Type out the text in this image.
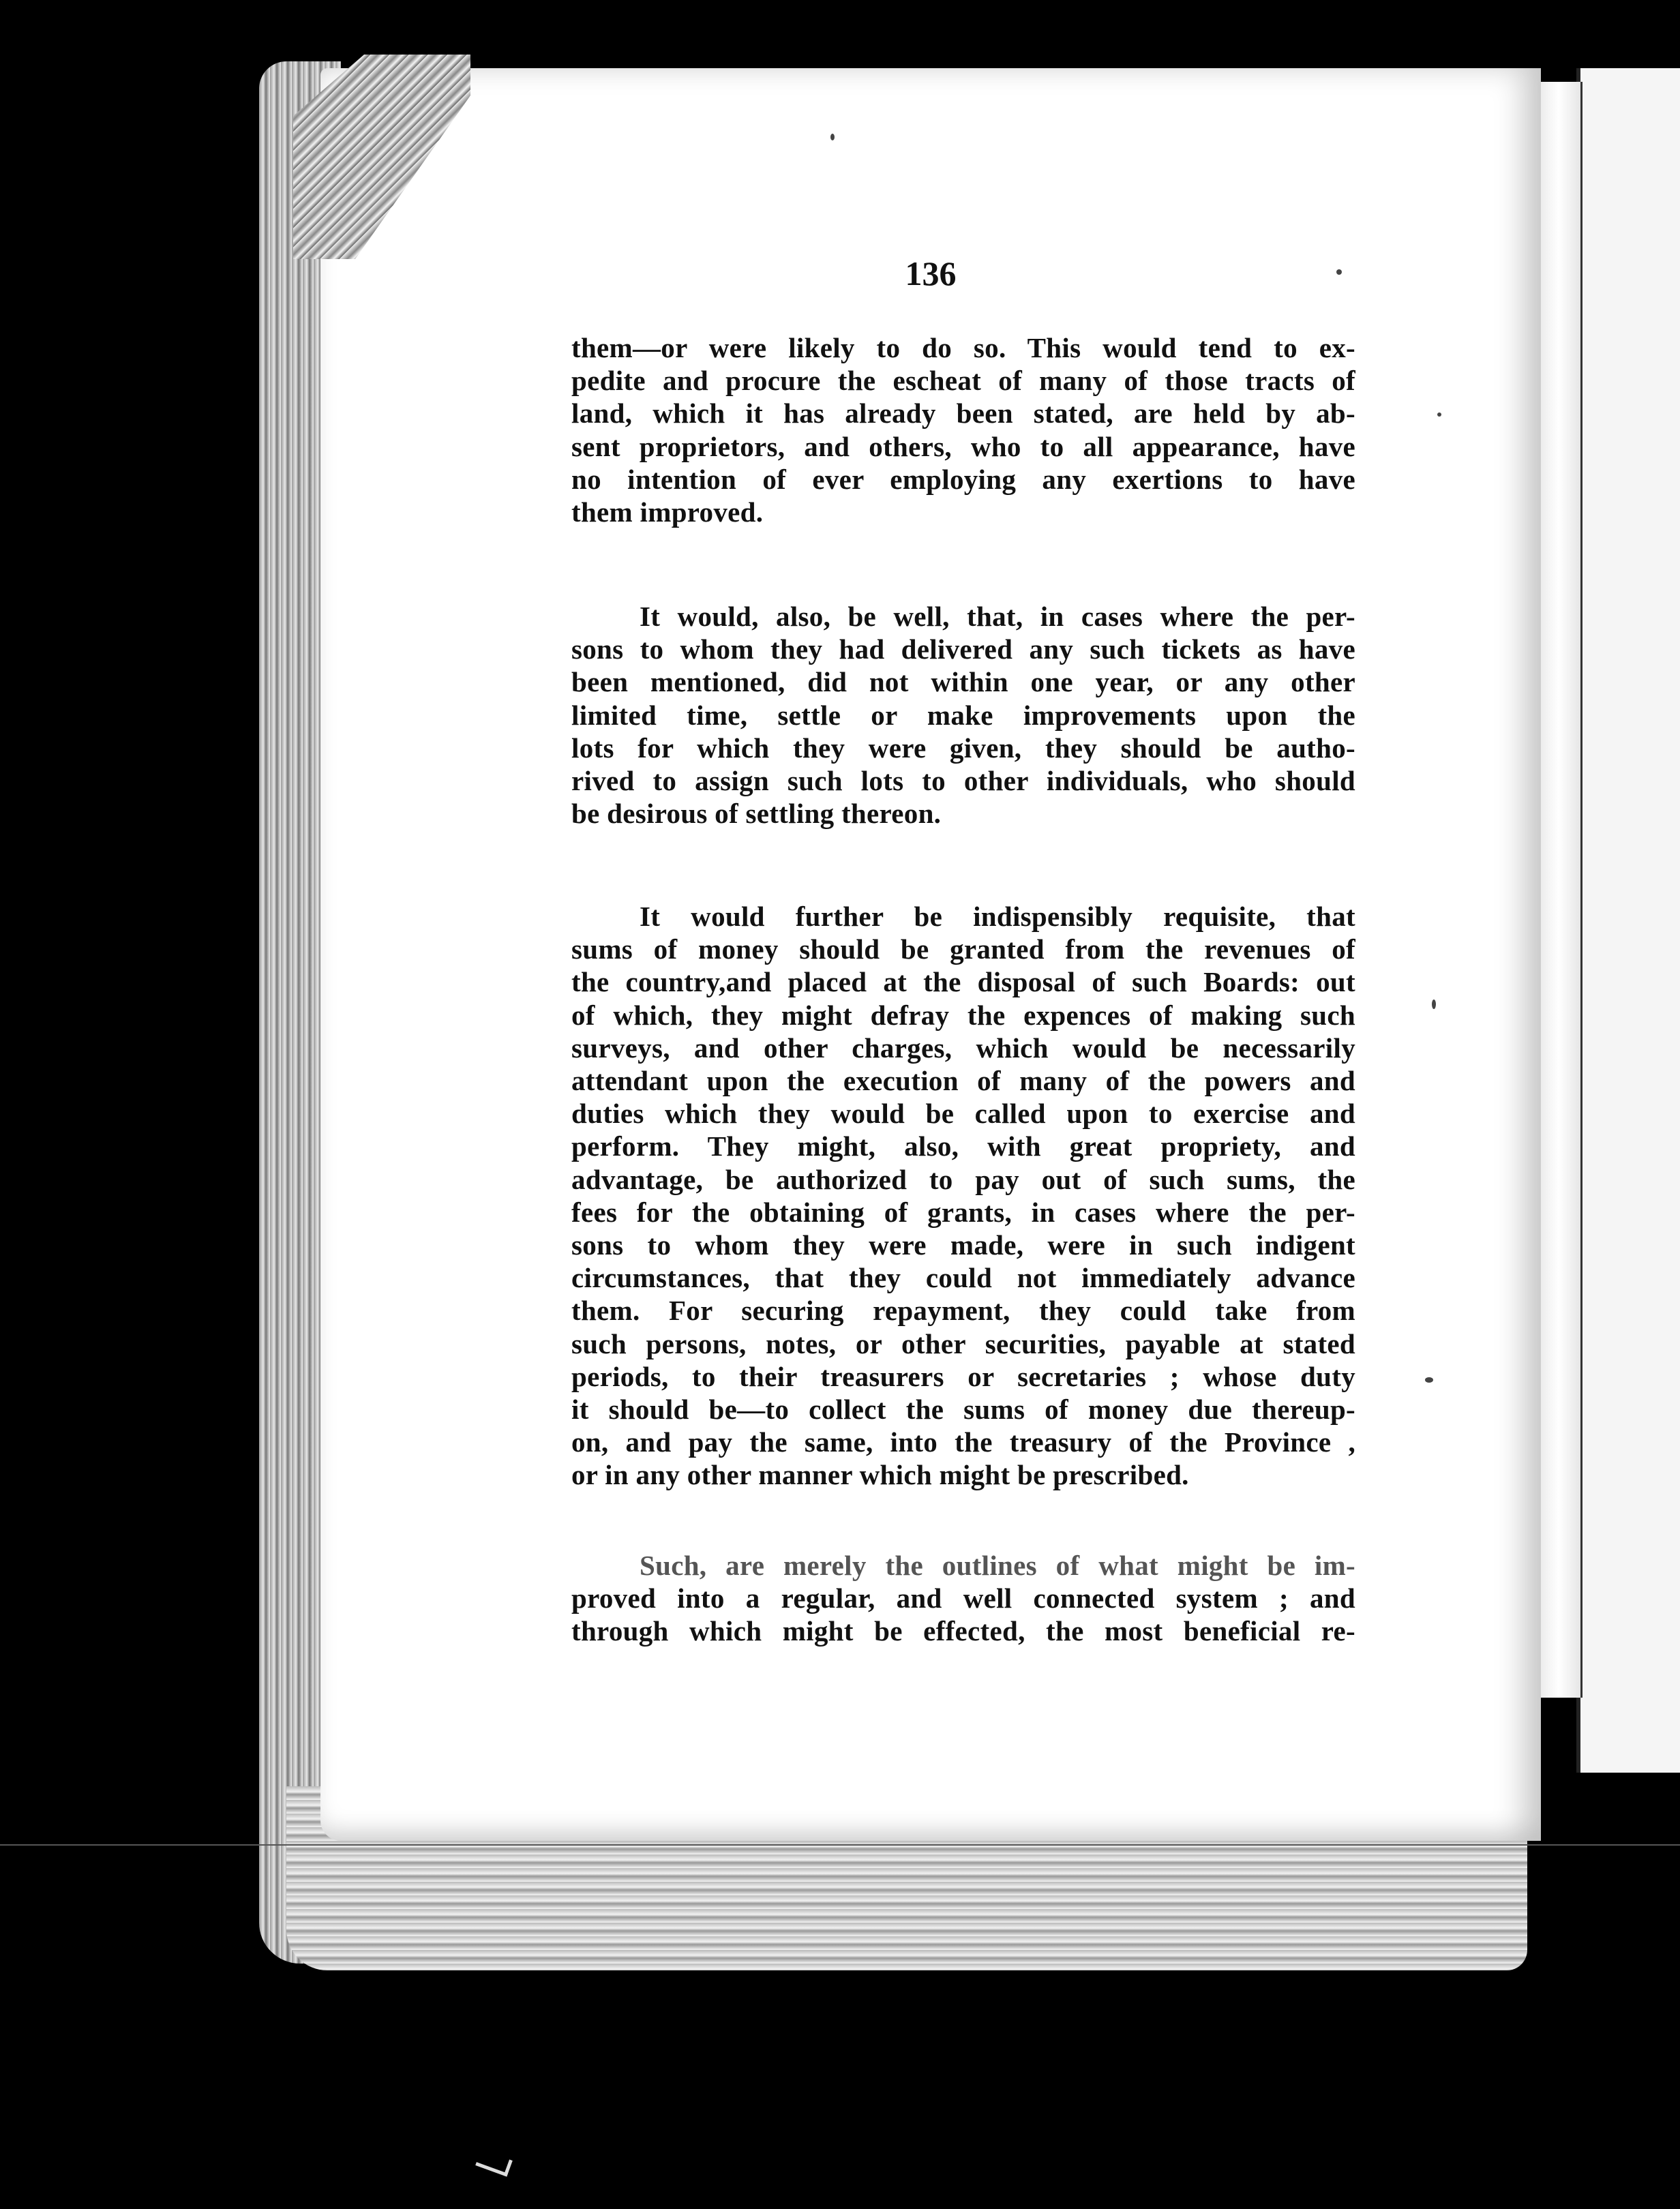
136
them—or were likely to do so. This would tend to ex-
pedite and procure the escheat of many of those tracts of
land, which it has already been stated, are held by ab-
sent proprietors, and others, who to all appearance, have
no intention of ever employing any exertions to have
them improved.
It would, also, be well, that, in cases where the per-
sons to whom they had delivered any such tickets as have
been mentioned, did not within one year, or any other
limited time, settle or make improvements upon the
lots for which they were given, they should be autho-
rived to assign such lots to other individuals, who should
be desirous of settling thereon.
It would further be indispensibly requisite, that
sums of money should be granted from the revenues of
the country,and placed at the disposal of such Boards: out
of which, they might defray the expences of making such
surveys, and other charges, which would be necessarily
attendant upon the execution of many of the powers and
duties which they would be called upon to exercise and
perform. They might, also, with great propriety, and
advantage, be authorized to pay out of such sums, the
fees for the obtaining of grants, in cases where the per-
sons to whom they were made, were in such indigent
circumstances, that they could not immediately advance
them. For securing repayment, they could take from
such persons, notes, or other securities, payable at stated
periods, to their treasurers or secretaries ; whose duty
it should be—to collect the sums of money due thereup-
on, and pay the same, into the treasury of the Province ,
or in any other manner which might be prescribed.
Such, are merely the outlines of what might be im-
proved into a regular, and well connected system ; and
through which might be effected, the most beneficial re-
